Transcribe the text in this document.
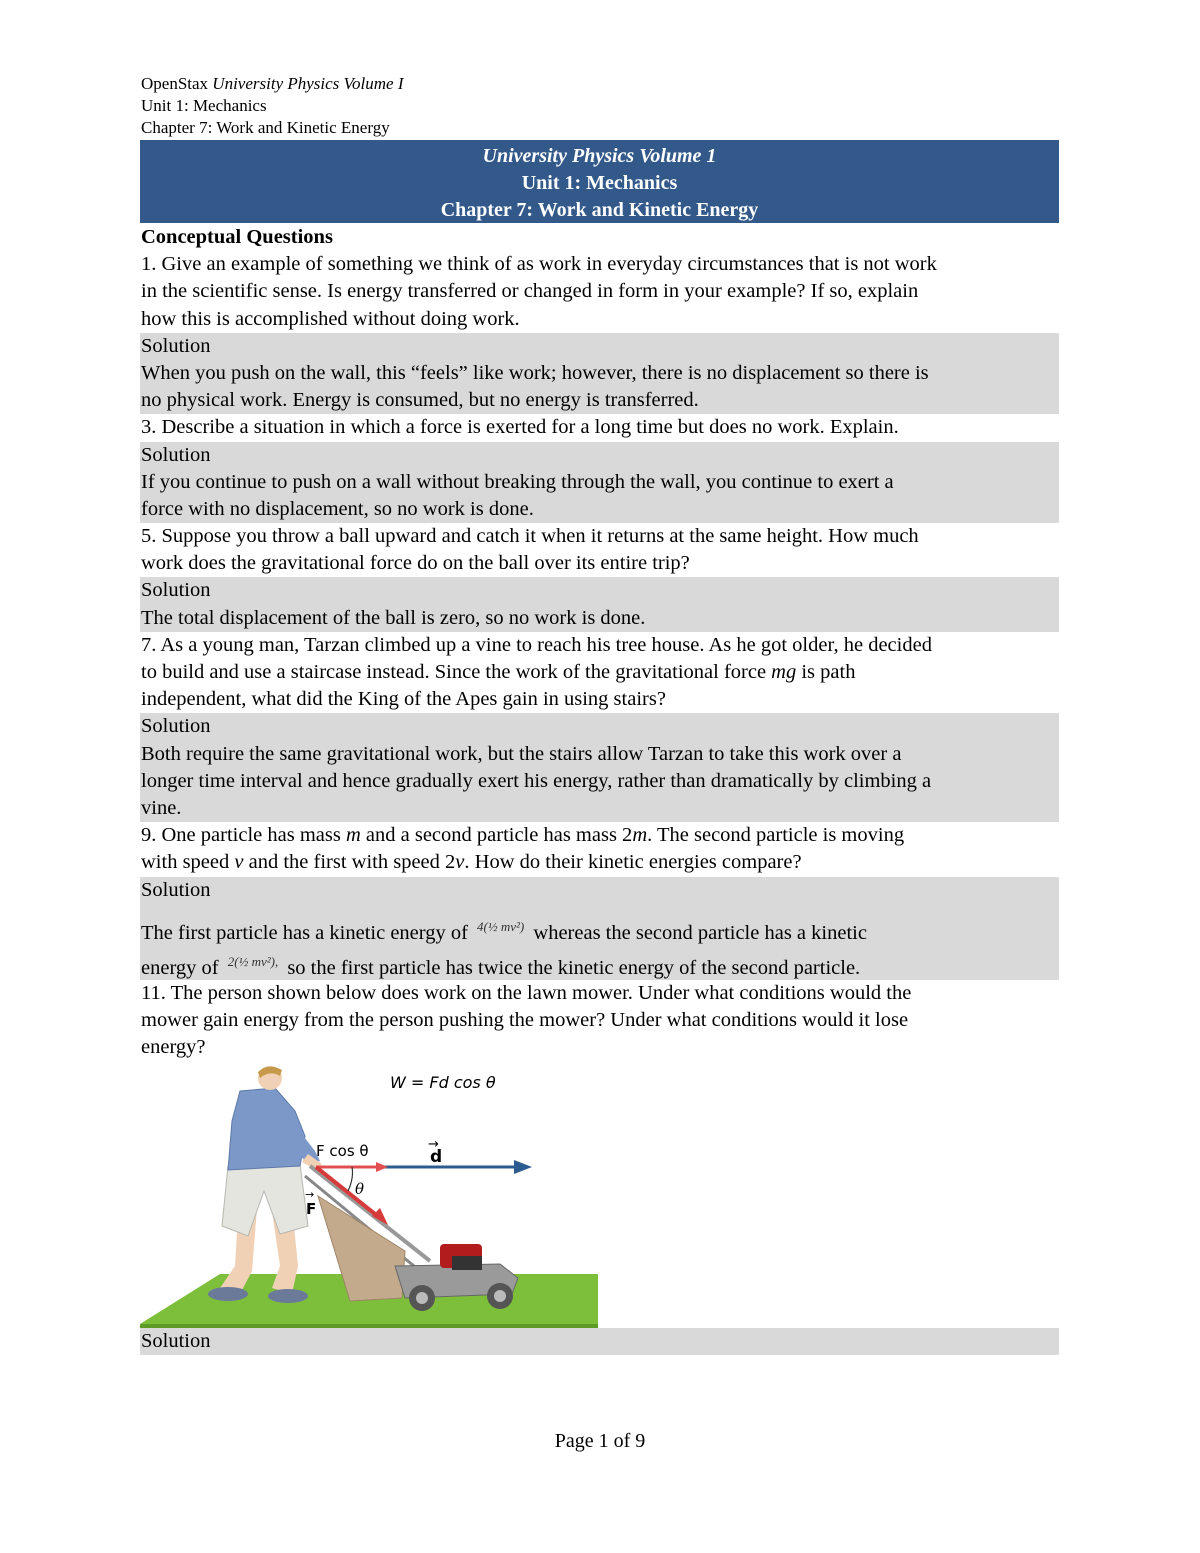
OpenStax University Physics Volume I
Unit 1: Mechanics
Chapter 7: Work and Kinetic Energy
University Physics Volume 1
Unit 1: Mechanics
Chapter 7: Work and Kinetic Energy
Conceptual Questions
1. Give an example of something we think of as work in everyday circumstances that is not work
in the scientific sense. Is energy transferred or changed in form in your example? If so, explain
how this is accomplished without doing work.
Solution
When you push on the wall, this “feels” like work; however, there is no displacement so there is
no physical work. Energy is consumed, but no energy is transferred.
3. Describe a situation in which a force is exerted for a long time but does no work. Explain.
Solution
If you continue to push on a wall without breaking through the wall, you continue to exert a
force with no displacement, so no work is done.
5. Suppose you throw a ball upward and catch it when it returns at the same height. How much
work does the gravitational force do on the ball over its entire trip?
Solution
The total displacement of the ball is zero, so no work is done.
7. As a young man, Tarzan climbed up a vine to reach his tree house. As he got older, he decided
to build and use a staircase instead. Since the work of the gravitational force mg is path
independent, what did the King of the Apes gain in using stairs?
Solution
Both require the same gravitational work, but the stairs allow Tarzan to take this work over a
longer time interval and hence gradually exert his energy, rather than dramatically by climbing a
vine.
9. One particle has mass m and a second particle has mass 2m. The second particle is moving
with speed v and the first with speed 2v. How do their kinetic energies compare?
Solution
The first particle has a kinetic energy of 4(½ mv²) whereas the second particle has a kinetic
energy of 2(½ mv²), so the first particle has twice the kinetic energy of the second particle.
11. The person shown below does work on the lawn mower. Under what conditions would the
mower gain energy from the person pushing the mower? Under what conditions would it lose
energy?
W = Fd cos θ
F cos θ	d
→
F
→	θ
Solution
Page 1 of 9
